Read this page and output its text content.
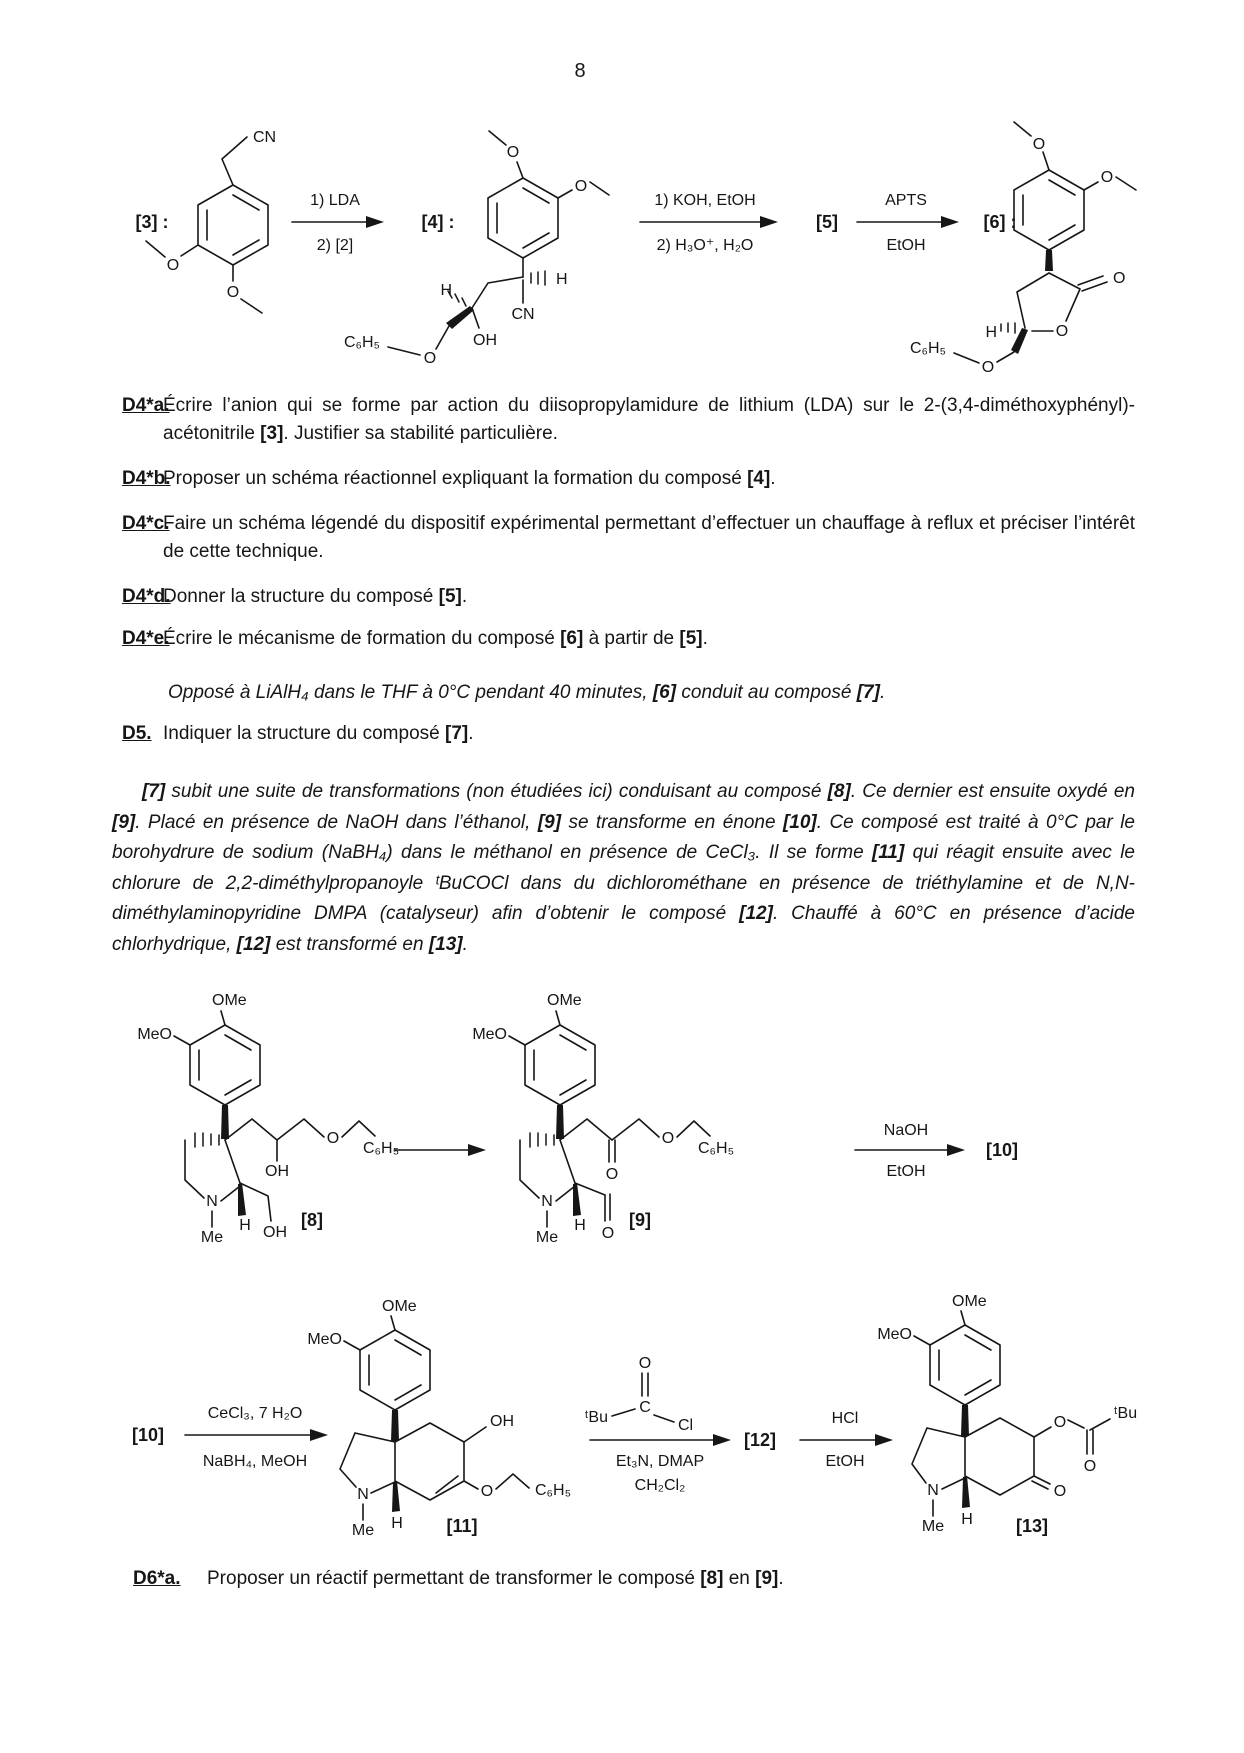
8
[3] :
CN
O
O
1) LDA
2) [2]
[4] :
O
O
H
CN
H
OH
O
C₆H₅
1) KOH, EtOH
2) H₃O⁺, H₂O
[5]
APTS
EtOH
[6] :
O
O
O
O
H
O
C₆H₅
D4*a.
Écrire l’anion qui se forme par action du diisopropylamidure de lithium (LDA) sur le 2-(3,4-diméthoxyphényl)-acétonitrile [3]. Justifier sa stabilité particulière.
D4*b.
Proposer un schéma réactionnel expliquant la formation du composé [4].
D4*c.
Faire un schéma légendé du dispositif expérimental permettant d’effectuer un chauffage à reflux et préciser l’intérêt de cette technique.
D4*d.
Donner la structure du composé [5].
D4*e.
Écrire le mécanisme de formation du composé [6] à partir de [5].
Opposé à LiAlH₄ dans le THF à 0°C pendant 40 minutes, [6] conduit au composé [7].
D5. Indiquer la structure du composé [7].
[7] subit une suite de transformations (non étudiées ici) conduisant au composé [8]. Ce dernier est ensuite oxydé en [9]. Placé en présence de NaOH dans l’éthanol, [9] se transforme en énone [10]. Ce composé est traité à 0°C par le borohydrure de sodium (NaBH₄) dans le méthanol en présence de CeCl₃. Il se forme [11] qui réagit ensuite avec le chlorure de 2,2-diméthylpropanoyle ᵗBuCOCl dans du dichlorométhane en présence de triéthylamine et de N,N-diméthylaminopyridine DMPA (catalyseur) afin d’obtenir le composé [12]. Chauffé à 60°C en présence d’acide chlorhydrique, [12] est transformé en [13].
OMe
MeO
N
Me
H OH
OH
O
C₆H₅
[8]
OMe
MeO
N
Me
H O
O
O
C₆H₅
[9]
NaOH
EtOH
[10]
[10]
CeCl₃, 7 H₂O
NaBH₄, MeOH
OMe
MeO
OH
O	C₆H₅
N
Me H [11]
O
C
ᵗBu	Cl
Et₃N, DMAP
CH₂Cl₂
[12]
HCl
EtOH
OMe
MeO
O
ᵗBu
O
O
N
Me H [13]
D6*a. Proposer un réactif permettant de transformer le composé [8] en [9].
